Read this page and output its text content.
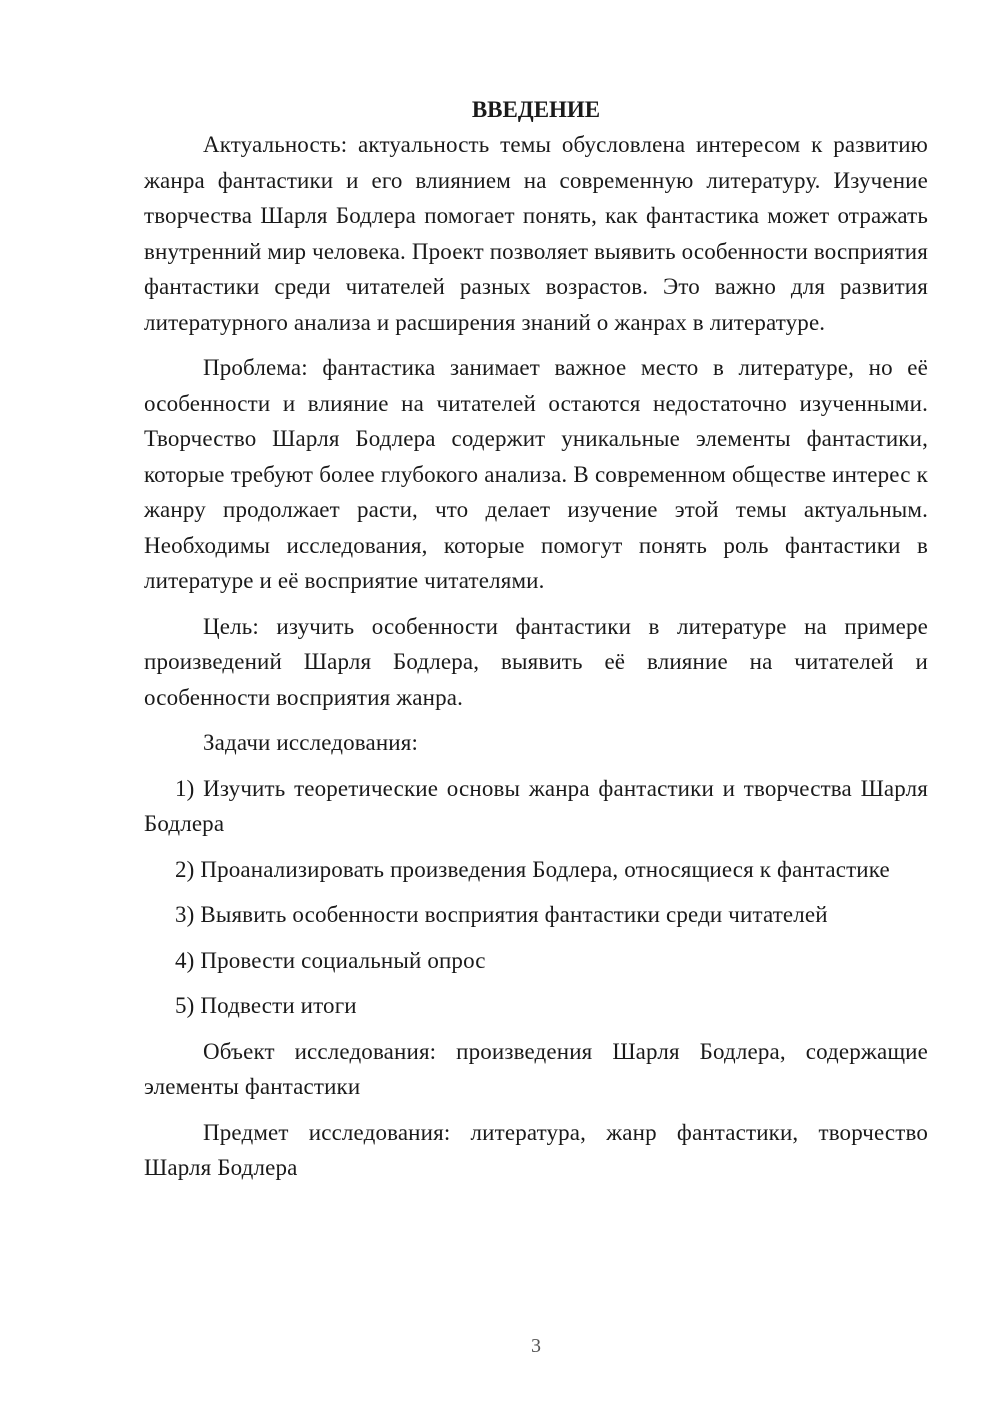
ВВЕДЕНИЕ

Актуальность: актуальность темы обусловлена интересом к развитию жанра фантастики и его влиянием на современную литературу. Изучение творчества Шарля Бодлера помогает понять, как фантастика может отражать внутренний мир человека. Проект позволяет выявить особенности восприятия фантастики среди читателей разных возрастов. Это важно для развития литературного анализа и расширения знаний о жанрах в литературе.

Проблема: фантастика занимает важное место в литературе, но её особенности и влияние на читателей остаются недостаточно изученными. Творчество Шарля Бодлера содержит уникальные элементы фантастики, которые требуют более глубокого анализа. В современном обществе интерес к жанру продолжает расти, что делает изучение этой темы актуальным. Необходимы исследования, которые помогут понять роль фантастики в литературе и её восприятие читателями.

Цель: изучить особенности фантастики в литературе на примере произведений Шарля Бодлера, выявить её влияние на читателей и особенности восприятия жанра.

Задачи исследования:

1) Изучить теоретические основы жанра фантастики и творчества Шарля Бодлера

2) Проанализировать произведения Бодлера, относящиеся к фантастике

3) Выявить особенности восприятия фантастики среди читателей

4) Провести социальный опрос

5) Подвести итоги

Объект исследования: произведения Шарля Бодлера, содержащие элементы фантастики

Предмет исследования: литература, жанр фантастики, творчество Шарля Бодлера

3
